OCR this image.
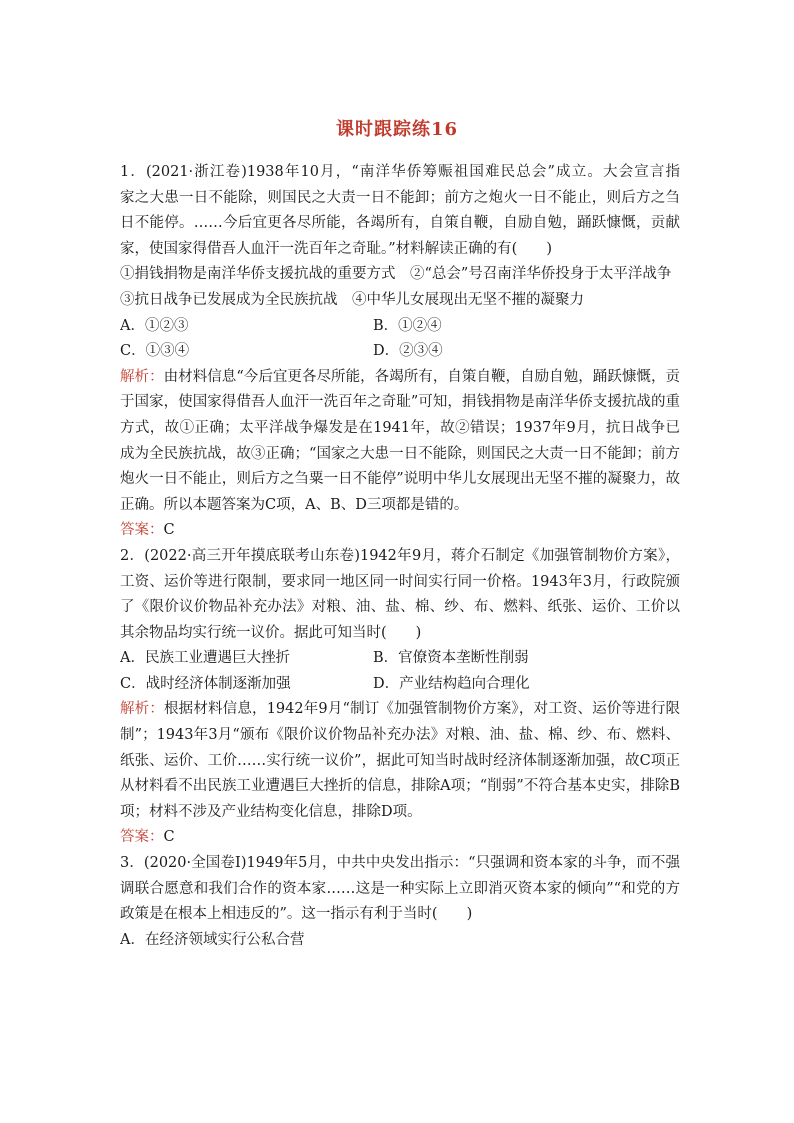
课时跟踪练16
1．(2021·浙江卷)1938年10月，“南洋华侨筹赈祖国难民总会”成立。大会宣言指
家之大患一日不能除，则国民之大责一日不能卸；前方之炮火一日不能止，则后方之刍
日不能停。……今后宜更各尽所能，各竭所有，自策自鞭，自励自勉，踊跃慷慨，贡献
家，使国家得借吾人血汗一洗百年之奇耻。”材料解读正确的有(　　)
①捐钱捐物是南洋华侨支援抗战的重要方式　②“总会”号召南洋华侨投身于太平洋战争
③抗日战争已发展成为全民族抗战　④中华儿女展现出无坚不摧的凝聚力
A．①②③	B．①②④
C．①③④	D．②③④
解析：由材料信息“今后宜更各尽所能，各竭所有，自策自鞭，自励自勉，踊跃慷慨，贡
于国家，使国家得借吾人血汗一洗百年之奇耻”可知，捐钱捐物是南洋华侨支援抗战的重
方式，故①正确；太平洋战争爆发是在1941年，故②错误；1937年9月，抗日战争已
成为全民族抗战，故③正确；“国家之大患一日不能除，则国民之大责一日不能卸；前方
炮火一日不能止，则后方之刍粟一日不能停”说明中华儿女展现出无坚不摧的凝聚力，故
正确。所以本题答案为C项，A、B、D三项都是错的。
答案：C
2．(2022·高三开年摸底联考山东卷)1942年9月，蒋介石制定《加强管制物价方案》，
工资、运价等进行限制，要求同一地区同一时间实行同一价格。1943年3月，行政院颁
了《限价议价物品补充办法》对粮、油、盐、棉、纱、布、燃料、纸张、运价、工价以
其余物品均实行统一议价。据此可知当时(　　)
A．民族工业遭遇巨大挫折	B．官僚资本垄断性削弱
C．战时经济体制逐渐加强	D．产业结构趋向合理化
解析：根据材料信息，1942年9月“制订《加强管制物价方案》，对工资、运价等进行限
制”；1943年3月“颁布《限价议价物品补充办法》对粮、油、盐、棉、纱、布、燃料、
纸张、运价、工价……实行统一议价”，据此可知当时战时经济体制逐渐加强，故C项正
从材料看不出民族工业遭遇巨大挫折的信息，排除A项；“削弱”不符合基本史实，排除B
项；材料不涉及产业结构变化信息，排除D项。
答案：C
3．(2020·全国卷Ⅰ)1949年5月，中共中央发出指示：“只强调和资本家的斗争，而不强
调联合愿意和我们合作的资本家……这是一种实际上立即消灭资本家的倾向”“和党的方
政策是在根本上相违反的”。这一指示有利于当时(　　)
A．在经济领域实行公私合营
